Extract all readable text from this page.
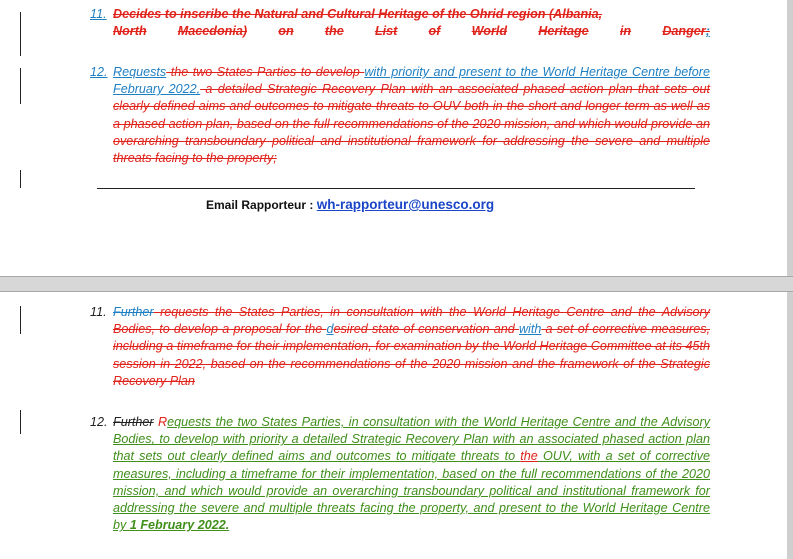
11. Decides to inscribe the Natural and Cultural Heritage of the Ohrid region (Albania,
North Macedonia) on the List of World Heritage in Danger;
12. Requests the two States Parties to develop with priority and present to the World Heritage Centre before February 2022, a detailed Strategic Recovery Plan with an associated phased action plan that sets out clearly defined aims and outcomes to mitigate threats to OUV both in the short and longer term as well as a phased action plan, based on the full recommendations of the 2020 mission, and which would provide an overarching transboundary political and institutional framework for addressing the severe and multiple threats facing to the property;

Email Rapporteur : wh-rapporteur@unesco.org
11. Further requests the States Parties, in consultation with the World Heritage Centre and the Advisory Bodies, to develop a proposal for the desired state of conservation and with a set of corrective measures, including a timeframe for their implementation, for examination by the World Heritage Committee at its 45th session in 2022, based on the recommendations of the 2020 mission and the framework of the Strategic Recovery Plan

12. Further Requests the two States Parties, in consultation with the World Heritage Centre and the Advisory Bodies, to develop with priority a detailed Strategic Recovery Plan with an associated phased action plan that sets out clearly defined aims and outcomes to mitigate threats to the OUV, with a set of corrective measures, including a timeframe for their implementation, based on the full recommendations of the 2020 mission, and which would provide an overarching transboundary political and institutional framework for addressing the severe and multiple threats facing the property, and present to the World Heritage Centre by 1 February 2022.
